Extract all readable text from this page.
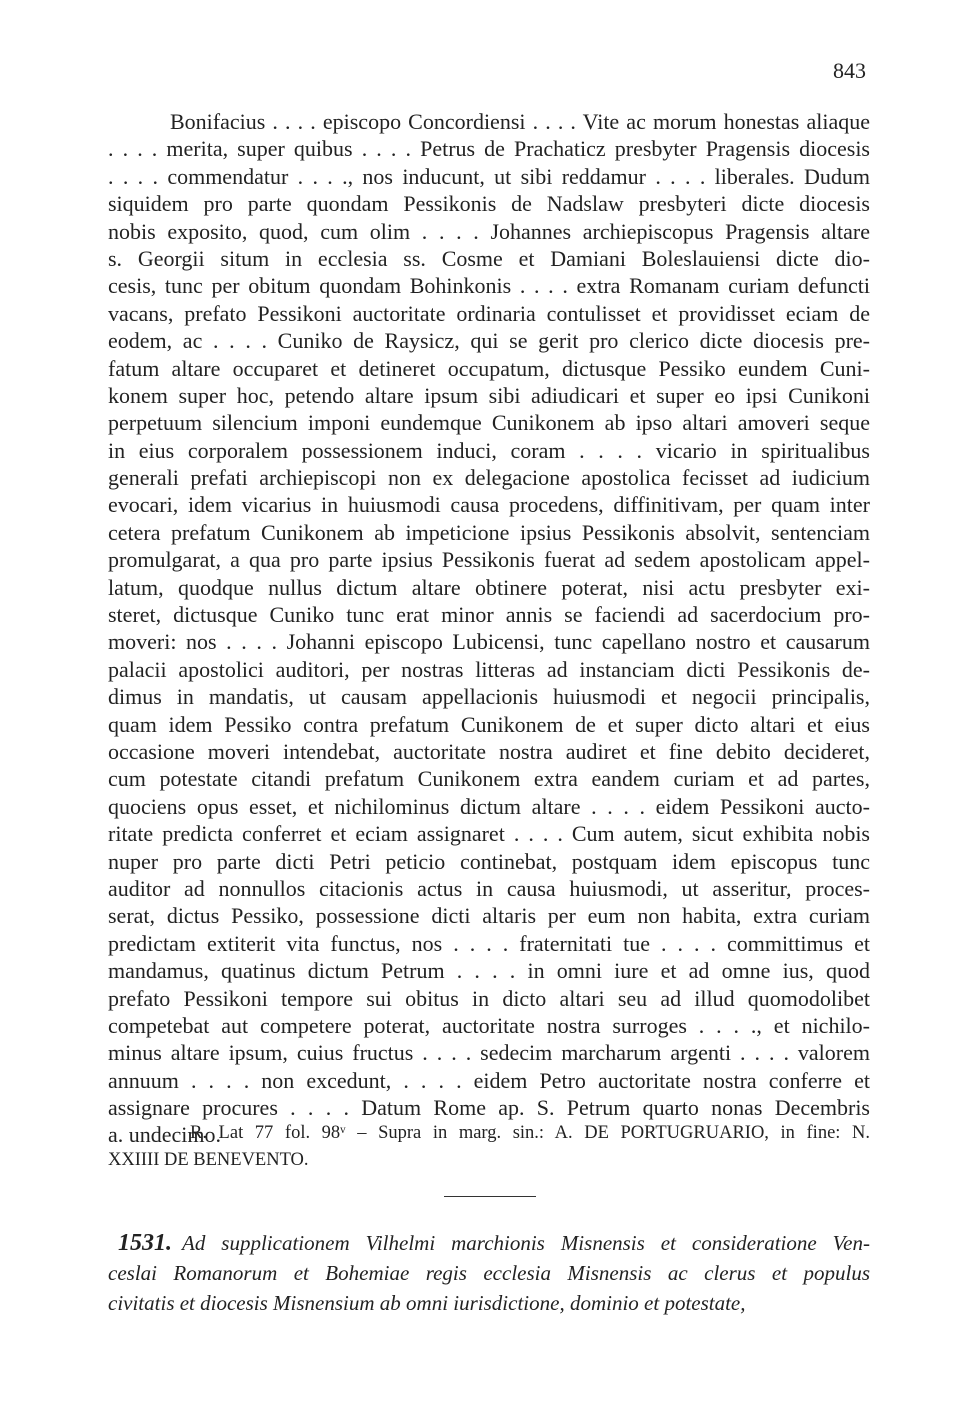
843
Bonifacius . . . . episcopo Concordiensi . . . . Vite ac morum honestas aliaque
. . . . merita, super quibus . . . . Petrus de Prachaticz presbyter Pragensis diocesis
. . . . commendatur . . . ., nos inducunt, ut sibi reddamur . . . . liberales. Dudum
siquidem pro parte quondam Pessikonis de Nadslaw presbyteri dicte diocesis
nobis exposito, quod, cum olim . . . . Johannes archiepiscopus Pragensis altare
s. Georgii situm in ecclesia ss. Cosme et Damiani Boleslauiensi dicte dio-
cesis, tunc per obitum quondam Bohinkonis . . . . extra Romanam curiam defuncti
vacans, prefato Pessikoni auctoritate ordinaria contulisset et providisset eciam de
eodem, ac . . . . Cuniko de Raysicz, qui se gerit pro clerico dicte diocesis pre-
fatum altare occuparet et detineret occupatum, dictusque Pessiko eundem Cuni-
konem super hoc, petendo altare ipsum sibi adiudicari et super eo ipsi Cunikoni
perpetuum silencium imponi eundemque Cunikonem ab ipso altari amoveri seque
in eius corporalem possessionem induci, coram . . . . vicario in spiritualibus
generali prefati archiepiscopi non ex delegacione apostolica fecisset ad iudicium
evocari, idem vicarius in huiusmodi causa procedens, diffinitivam, per quam inter
cetera prefatum Cunikonem ab impeticione ipsius Pessikonis absolvit, sentenciam
promulgarat, a qua pro parte ipsius Pessikonis fuerat ad sedem apostolicam appel-
latum, quodque nullus dictum altare obtinere poterat, nisi actu presbyter exi-
steret, dictusque Cuniko tunc erat minor annis se faciendi ad sacerdocium pro-
moveri: nos . . . . Johanni episcopo Lubicensi, tunc capellano nostro et causarum
palacii apostolici auditori, per nostras litteras ad instanciam dicti Pessikonis de-
dimus in mandatis, ut causam appellacionis huiusmodi et negocii principalis,
quam idem Pessiko contra prefatum Cunikonem de et super dicto altari et eius
occasione moveri intendebat, auctoritate nostra audiret et fine debito decideret,
cum potestate citandi prefatum Cunikonem extra eandem curiam et ad partes,
quociens opus esset, et nichilominus dictum altare . . . . eidem Pessikoni aucto-
ritate predicta conferret et eciam assignaret . . . . Cum autem, sicut exhibita nobis
nuper pro parte dicti Petri peticio continebat, postquam idem episcopus tunc
auditor ad nonnullos citacionis actus in causa huiusmodi, ut asseritur, proces-
serat, dictus Pessiko, possessione dicti altaris per eum non habita, extra curiam
predictam extiterit vita functus, nos . . . . fraternitati tue . . . . committimus et
mandamus, quatinus dictum Petrum . . . . in omni iure et ad omne ius, quod
prefato Pessikoni tempore sui obitus in dicto altari seu ad illud quomodolibet
competebat aut competere poterat, auctoritate nostra surroges . . . ., et nichilo-
minus altare ipsum, cuius fructus . . . . sedecim marcharum argenti . . . . valorem
annuum . . . . non excedunt, . . . . eidem Petro auctoritate nostra conferre et
assignare procures . . . . Datum Rome ap. S. Petrum quarto nonas Decembris
a. undecimo.
R. Lat 77 fol. 98ᵛ – Supra in marg. sin.: A. DE PORTUGRUARIO, in fine: N.
XXIIII DE BENEVENTO.
1531. Ad supplicationem Vilhelmi marchionis Misnensis et consideratione Ven-
ceslai Romanorum et Bohemiae regis ecclesia Misnensis ac clerus et populus
civitatis et diocesis Misnensium ab omni iurisdictione, dominio et potestate,
